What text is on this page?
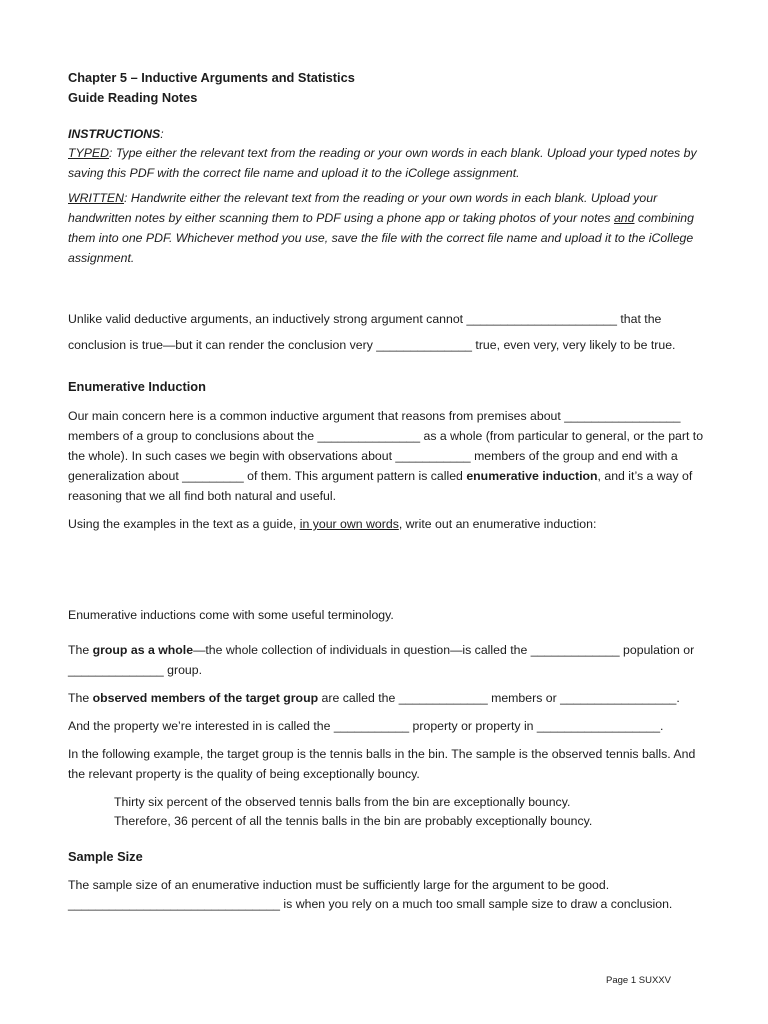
Chapter 5 – Inductive Arguments and Statistics
Guide Reading Notes

INSTRUCTIONS:

TYPED: Type either the relevant text from the reading or your own words in each blank. Upload your typed notes by saving this PDF with the correct file name and upload it to the iCollege assignment.

WRITTEN: Handwrite either the relevant text from the reading or your own words in each blank. Upload your handwritten notes by either scanning them to PDF using a phone app or taking photos of your notes and combining them into one PDF. Whichever method you use, save the file with the correct file name and upload it to the iCollege assignment.

Unlike valid deductive arguments, an inductively strong argument cannot ______________________ that the

conclusion is true—but it can render the conclusion very ______________ true, even very, very likely to be true.

Enumerative Induction

Our main concern here is a common inductive argument that reasons from premises about _________________ members of a group to conclusions about the _______________ as a whole (from particular to general, or the part to the whole). In such cases we begin with observations about ___________ members of the group and end with a generalization about _________ of them. This argument pattern is called enumerative induction, and it’s a way of reasoning that we all find both natural and useful.

Using the examples in the text as a guide, in your own words, write out an enumerative induction:

Enumerative inductions come with some useful terminology.

The group as a whole—the whole collection of individuals in question—is called the _____________ population or ______________ group.

The observed members of the target group are called the _____________ members or _________________.

And the property we’re interested in is called the ___________ property or property in __________________.

In the following example, the target group is the tennis balls in the bin. The sample is the observed tennis balls. And the relevant property is the quality of being exceptionally bouncy.

Thirty six percent of the observed tennis balls from the bin are exceptionally bouncy.

Therefore, 36 percent of all the tennis balls in the bin are probably exceptionally bouncy.

Sample Size

The sample size of an enumerative induction must be sufficiently large for the argument to be good.

_______________________________ is when you rely on a much too small sample size to draw a conclusion.

Page 1 SUXXV
